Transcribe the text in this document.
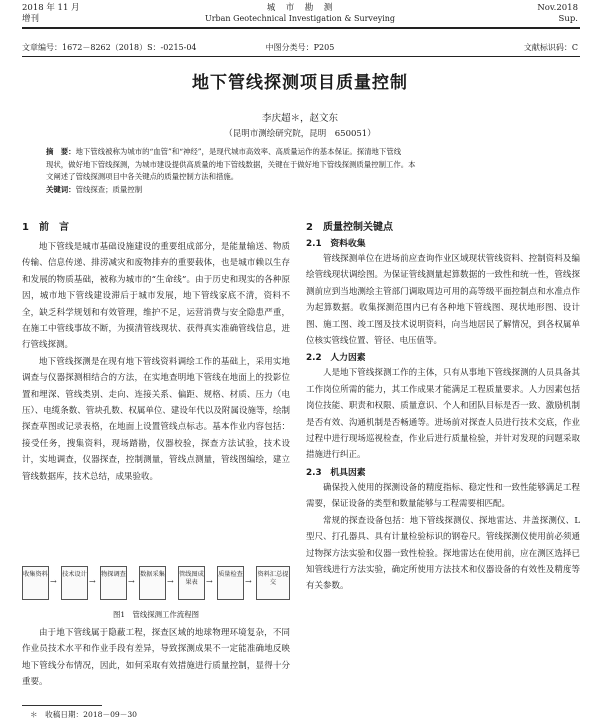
2018 年 11 月
增刊
城　市　勘　测
Urban Geotechnical Investigation & Surveying
Nov.2018
Sup.
文章编号：1672－8262（2018）S：-0215-04	中图分类号：P205	文献标识码：C
地下管线探测项目质量控制
李庆超＊，赵文东
（昆明市测绘研究院，昆明　650051）
摘　要：地下管线被称为城市的“血管”和“神经”，是现代城市高效率、高质量运作的基本保证。探清地下管线
现状，做好地下管线探测，为城市建设提供高质量的地下管线数据，关键在于做好地下管线探测质量控制工作。本
文阐述了管线探测项目中各关键点的质量控制方法和措施。
关键词：管线探查；质量控制
1　前　言

地下管线是城市基础设施建设的重要组成部分，是能量输送、物质传输、信息传递、排涝减灾和废物排弃的重要载体，也是城市赖以生存和发展的物质基础，被称为城市的“生命线”。由于历史和现实的各种原因，城市地下管线建设滞后于城市发展，地下管线家底不清，资料不全，缺乏科学规划和有效管理，维护不足，运营消费与安全隐患严重，在施工中管线事故不断，为摸清管线现状、获得真实准确管线信息，进行管线探测。

地下管线探测是在现有地下管线资料调绘工作的基础上，采用实地调查与仪器探测相结合的方法，在实地查明地下管线在地面上的投影位置和埋深、管线类别、走向、连接关系、偏距、规格、材质、压力（电压）、电缆条数、管块孔数、权属单位、建设年代以及附属设施等，绘制探查草图或记录表格，在地面上设置管线点标志。基本作业内容包括：接受任务，搜集资料，现场踏勘，仪器校验，探查方法试验，技术设计，实地调查，仪器探查，控制测量，管线点测量，管线图编绘，建立管线数据库，技术总结，成果验收。

收集资料
→
技术设计
→
物探调查
→
数据采集
→
管线图成果表	→
质量检查
→
资料汇总提交
图1　管线探测工作流程图

由于地下管线属于隐蔽工程，探查区域的地球物理环境复杂，不同作业员技术水平和作业手段有差异，导致探测成果不一定能准确地反映地下管线分布情况，因此，如何采取有效措施进行质量控制，显得十分重要。

＊　收稿日期：2018－09－30
2　质量控制关键点
2.1　资料收集

管线探测单位在进场前应查询作业区域现状管线资料、控制资料及编绘管线现状调绘图。为保证管线测量起算数据的一致性和统一性，管线探测前应到当地测绘主管部门调取周边可用的高等级平面控制点和水准点作为起算数据。收集探测范围内已有各种地下管线图、现状地形图、设计图、施工图、竣工图及技术说明资料，向当地居民了解情况，到各权属单位核实管线位置、管径、电压值等。

2.2　人力因素

人是地下管线探测工作的主体，只有从事地下管线探测的人员具备其工作岗位所需的能力，其工作成果才能满足工程质量要求。人力因素包括岗位技能、职责和权限、质量意识、个人和团队目标是否一致、激励机制是否有效、沟通机制是否畅通等。进场前对探查人员进行技术交底，作业过程中进行现场巡视检查，作业后进行质量检验，并针对发现的问题采取措施进行纠正。

2.3　机具因素

确保投入使用的探测设备的精度指标、稳定性和一致性能够满足工程需要，保证设备的类型和数量能够与工程需要相匹配。

常规的探查设备包括：地下管线探测仪、探地雷达、井盖探测仪、L型尺、打孔器具、具有计量检验标识的钢卷尺。管线探测仪使用前必须通过物探方法实验和仪器一致性检验。探地雷达在使用前，应在测区选择已知管线进行方法实验，确定所使用方法技术和仪器设备的有效性及精度等有关参数。
